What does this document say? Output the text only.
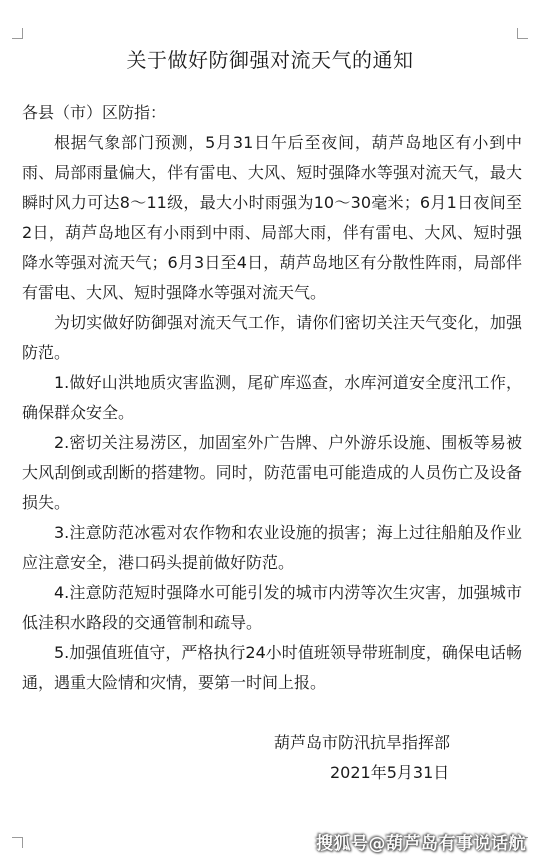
关于做好防御强对流天气的通知

各县（市）区防指：

根据气象部门预测，5月31日午后至夜间，葫芦岛地区有小到中雨、局部雨量偏大，伴有雷电、大风、短时强降水等强对流天气，最大瞬时风力可达8～11级，最大小时雨强为10～30毫米；6月1日夜间至2日，葫芦岛地区有小雨到中雨、局部大雨，伴有雷电、大风、短时强降水等强对流天气；6月3日至4日，葫芦岛地区有分散性阵雨，局部伴有雷电、大风、短时强降水等强对流天气。

为切实做好防御强对流天气工作，请你们密切关注天气变化，加强防范。

1.做好山洪地质灾害监测，尾矿库巡查，水库河道安全度汛工作，确保群众安全。

2.密切关注易涝区，加固室外广告牌、户外游乐设施、围板等易被大风刮倒或刮断的搭建物。同时，防范雷电可能造成的人员伤亡及设备损失。

3.注意防范冰雹对农作物和农业设施的损害；海上过往船舶及作业应注意安全，港口码头提前做好防范。

4.注意防范短时强降水可能引发的城市内涝等次生灾害，加强城市低洼积水路段的交通管制和疏导。

5.加强值班值守，严格执行24小时值班领导带班制度，确保电话畅通，遇重大险情和灾情，要第一时间上报。

葫芦岛市防汛抗旱指挥部
2021年5月31日
搜狐号@葫芦岛有事说话航
